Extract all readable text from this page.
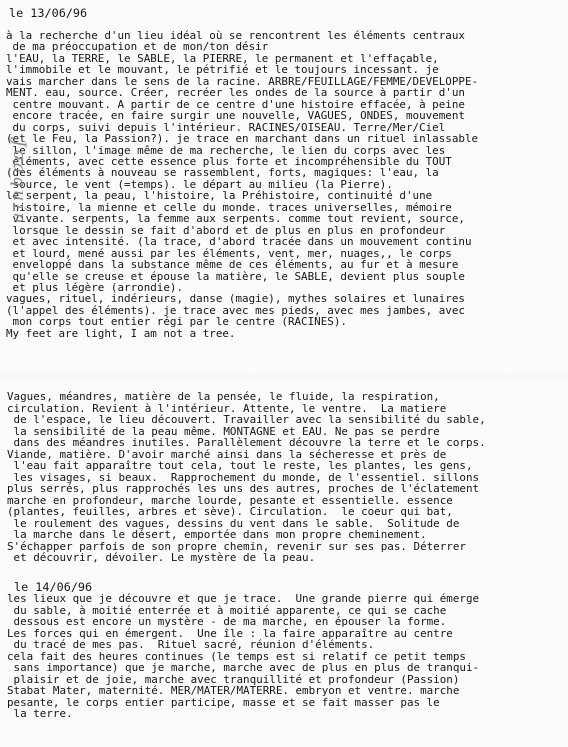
le 13/06/96
à la recherche d'un lieu idéal où se rencontrent les éléments centraux
de ma préoccupation et de mon/ton désir
l'EAU, la TERRE, le SABLE, la PIERRE, le permanent et l'effaçable,
l'immobile et le mouvant, le pétrifié et le toujours incessant. je
vais marcher dans le sens de la racine. ARBRE/FEUILLAGE/FEMME/DEVELOPPE-
MENT. eau, source. Créer, recréer les ondes de la source à partir d'un
centre mouvant. A partir de ce centre d'une histoire effacée, à peine
encore tracée, en faire surgir une nouvelle, VAGUES, ONDES, mouvement
du corps, suivi depuis l'intérieur. RACINES/OISEAU. Terre/Mer/Ciel
(et le Feu, la Passion?). je trace en marchant dans un rituel inlassable
le sillon, l'image même de ma recherche, le lien du corps avec les
éléments, avec cette essence plus forte et incompréhensible du TOUT
(des éléments à nouveau se rassemblent, forts, magiques: l'eau, la
source, le vent (=temps). le départ au milieu (la Pierre).
le serpent, la peau, l'histoire, la Préhistoire, continuité d'une
histoire, la mienne et celle du monde. traces universelles, mémoire
vivante. serpents, la femme aux serpents. comme tout revient, source,
lorsque le dessin se fait d'abord et de plus en plus en profondeur
et avec intensité. (la trace, d'abord tracée dans un mouvement continu
et lourd, mené aussi par les éléments, vent, mer, nuages,, le corps
enveloppé dans la substance même de ces éléments, au fur et à mesure
qu'elle se creuse et épouse la matière, le SABLE, devient plus souple
et plus légère (arrondie).
vagues, rituel, indérieurs, danse (magie), mythes solaires et lunaires
(l'appel des éléments). je trace avec mes pieds, avec mes jambes, avec
mon corps tout entier régi par le centre (RACINES).
My feet are light, I am not a tree.
Joaquín
Vagues, méandres, matière de la pensée, le fluide, la respiration,
circulation. Revient à l'intérieur. Attente, le ventre.  La matiere
de l'espace, le lieu découvert. Travailler avec la sensibilité du sable,
la sensibilité de la peau même. MONTAGNE et EAU. Ne pas se perdre
dans des méandres inutiles. Parallèlement découvre la terre et le corps.
Viande, matière. D'avoir marché ainsi dans la sécheresse et près de
l'eau fait apparaître tout cela, tout le reste, les plantes, les gens,
les visages, si beaux.  Rapprochement du monde, de l'essentiel. sillons
plus serrés, plus rapprochés les uns des autres, proches de l'éclatement
marche en profondeur, marche lourde, pesante et essentielle. essence
(plantes, feuilles, arbres et sève). Circulation.  le coeur qui bat,
le roulement des vagues, dessins du vent dans le sable.  Solitude de
la marche dans le désert, emportée dans mon propre cheminement.
S'échapper parfois de son propre chemin, revenir sur ses pas. Déterrer
et découvrir, dévoiler. Le mystère de la peau.
le 14/06/96
les lieux que je découvre et que je trace.  Une grande pierre qui émerge
du sable, à moitié enterrée et à moitié apparente, ce qui se cache
dessous est encore un mystère - de ma marche, en épouser la forme.
Les forces qui en émergent.  Une île : la faire apparaître au centre
du tracé de mes pas.  Rituel sacré, réunion d'éléments.
cela fait des heures continues (le temps est si relatif ce petit temps
sans importance) que je marche, marche avec de plus en plus de tranqui-
plaisir et de joie, marche avec tranquillité et profondeur (Passion)
Stabat Mater, maternité. MER/MATER/MATERRE. embryon et ventre. marche
pesante, le corps entier participe, masse et se fait masser pas le
la terre.
